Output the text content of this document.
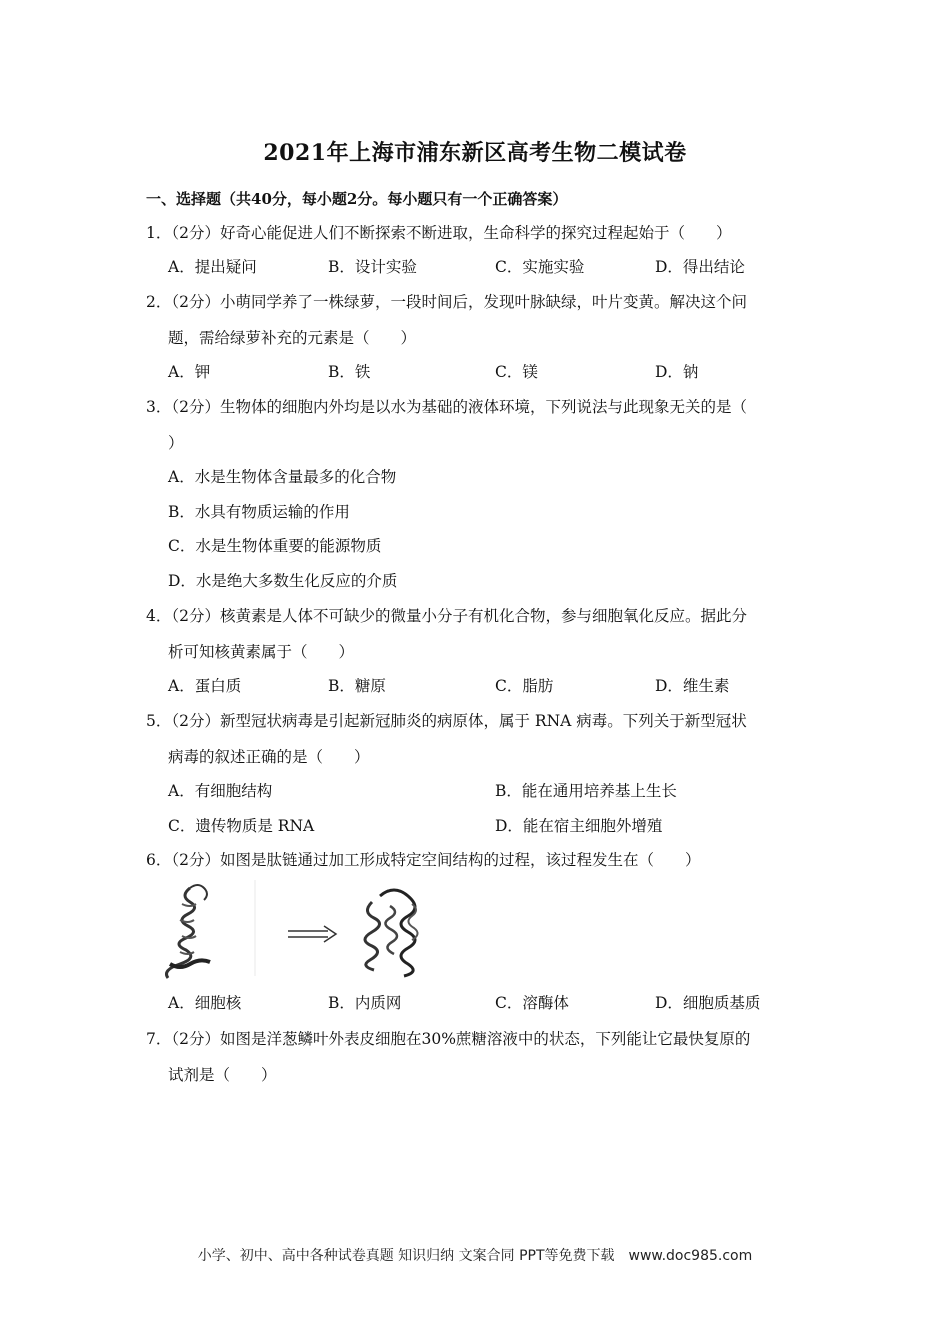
2021年上海市浦东新区高考生物二模试卷
一、选择题（共40分，每小题2分。每小题只有一个正确答案）
1．（2分）好奇心能促进人们不断探索不断进取，生命科学的探究过程起始于（　　）
A．提出疑问	B．设计实验	C．实施实验	D．得出结论
2．（2分）小萌同学养了一株绿萝，一段时间后，发现叶脉缺绿，叶片变黄。解决这个问
题，需给绿萝补充的元素是（　　）
A．钾	B．铁	C．镁	D．钠
3．（2分）生物体的细胞内外均是以水为基础的液体环境，下列说法与此现象无关的是（
）
A．水是生物体含量最多的化合物
B．水具有物质运输的作用
C．水是生物体重要的能源物质
D．水是绝大多数生化反应的介质
4．（2分）核黄素是人体不可缺少的微量小分子有机化合物，参与细胞氧化反应。据此分
析可知核黄素属于（　　）
A．蛋白质	B．糖原	C．脂肪	D．维生素
5．（2分）新型冠状病毒是引起新冠肺炎的病原体，属于 RNA 病毒。下列关于新型冠状
病毒的叙述正确的是（　　）
A．有细胞结构	B．能在通用培养基上生长
C．遗传物质是 RNA	D．能在宿主细胞外增殖
6．（2分）如图是肽链通过加工形成特定空间结构的过程，该过程发生在（　　）
A．细胞核	B．内质网	C．溶酶体	D．细胞质基质
7．（2分）如图是洋葱鳞叶外表皮细胞在30%蔗糖溶液中的状态，下列能让它最快复原的
试剂是（　　）
小学、初中、高中各种试卷真题 知识归纳 文案合同 PPT等免费下载　www.doc985.com
